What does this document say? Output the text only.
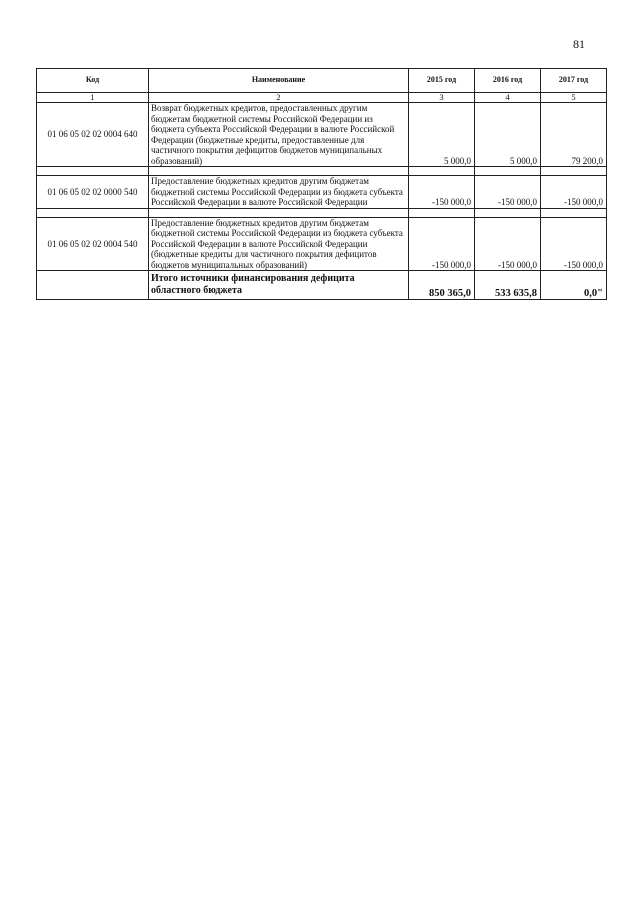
81
Код	Наименование	2015 год	2016 год	2017 год
1	2	3	4	5
01 06 05 02 02 0004 640	Возврат бюджетных кредитов, предоставленных другим бюджетам бюджетной системы Российской Федерации из бюджета субъекта Российской Федерации в валюте Российской Федерации (бюджетные кредиты, предоставленные для частичного покрытия дефицитов бюджетов муниципальных образований)	5 000,0	5 000,0	79 200,0

01 06 05 02 02 0000 540	Предоставление бюджетных кредитов другим бюджетам бюджетной системы Российской Федерации из бюджета субъекта Российской Федерации в валюте Российской Федерации	-150 000,0	-150 000,0	-150 000,0

01 06 05 02 02 0004 540	Предоставление бюджетных кредитов другим бюджетам бюджетной системы Российской Федерации из бюджета субъекта Российской Федерации в валюте Российской Федерации (бюджетные кредиты для частичного покрытия дефицитов бюджетов муниципальных образований)	-150 000,0	-150 000,0	-150 000,0
	Итого источники финансирования дефицита областного бюджета	850 365,0	533 635,8	0,0"
